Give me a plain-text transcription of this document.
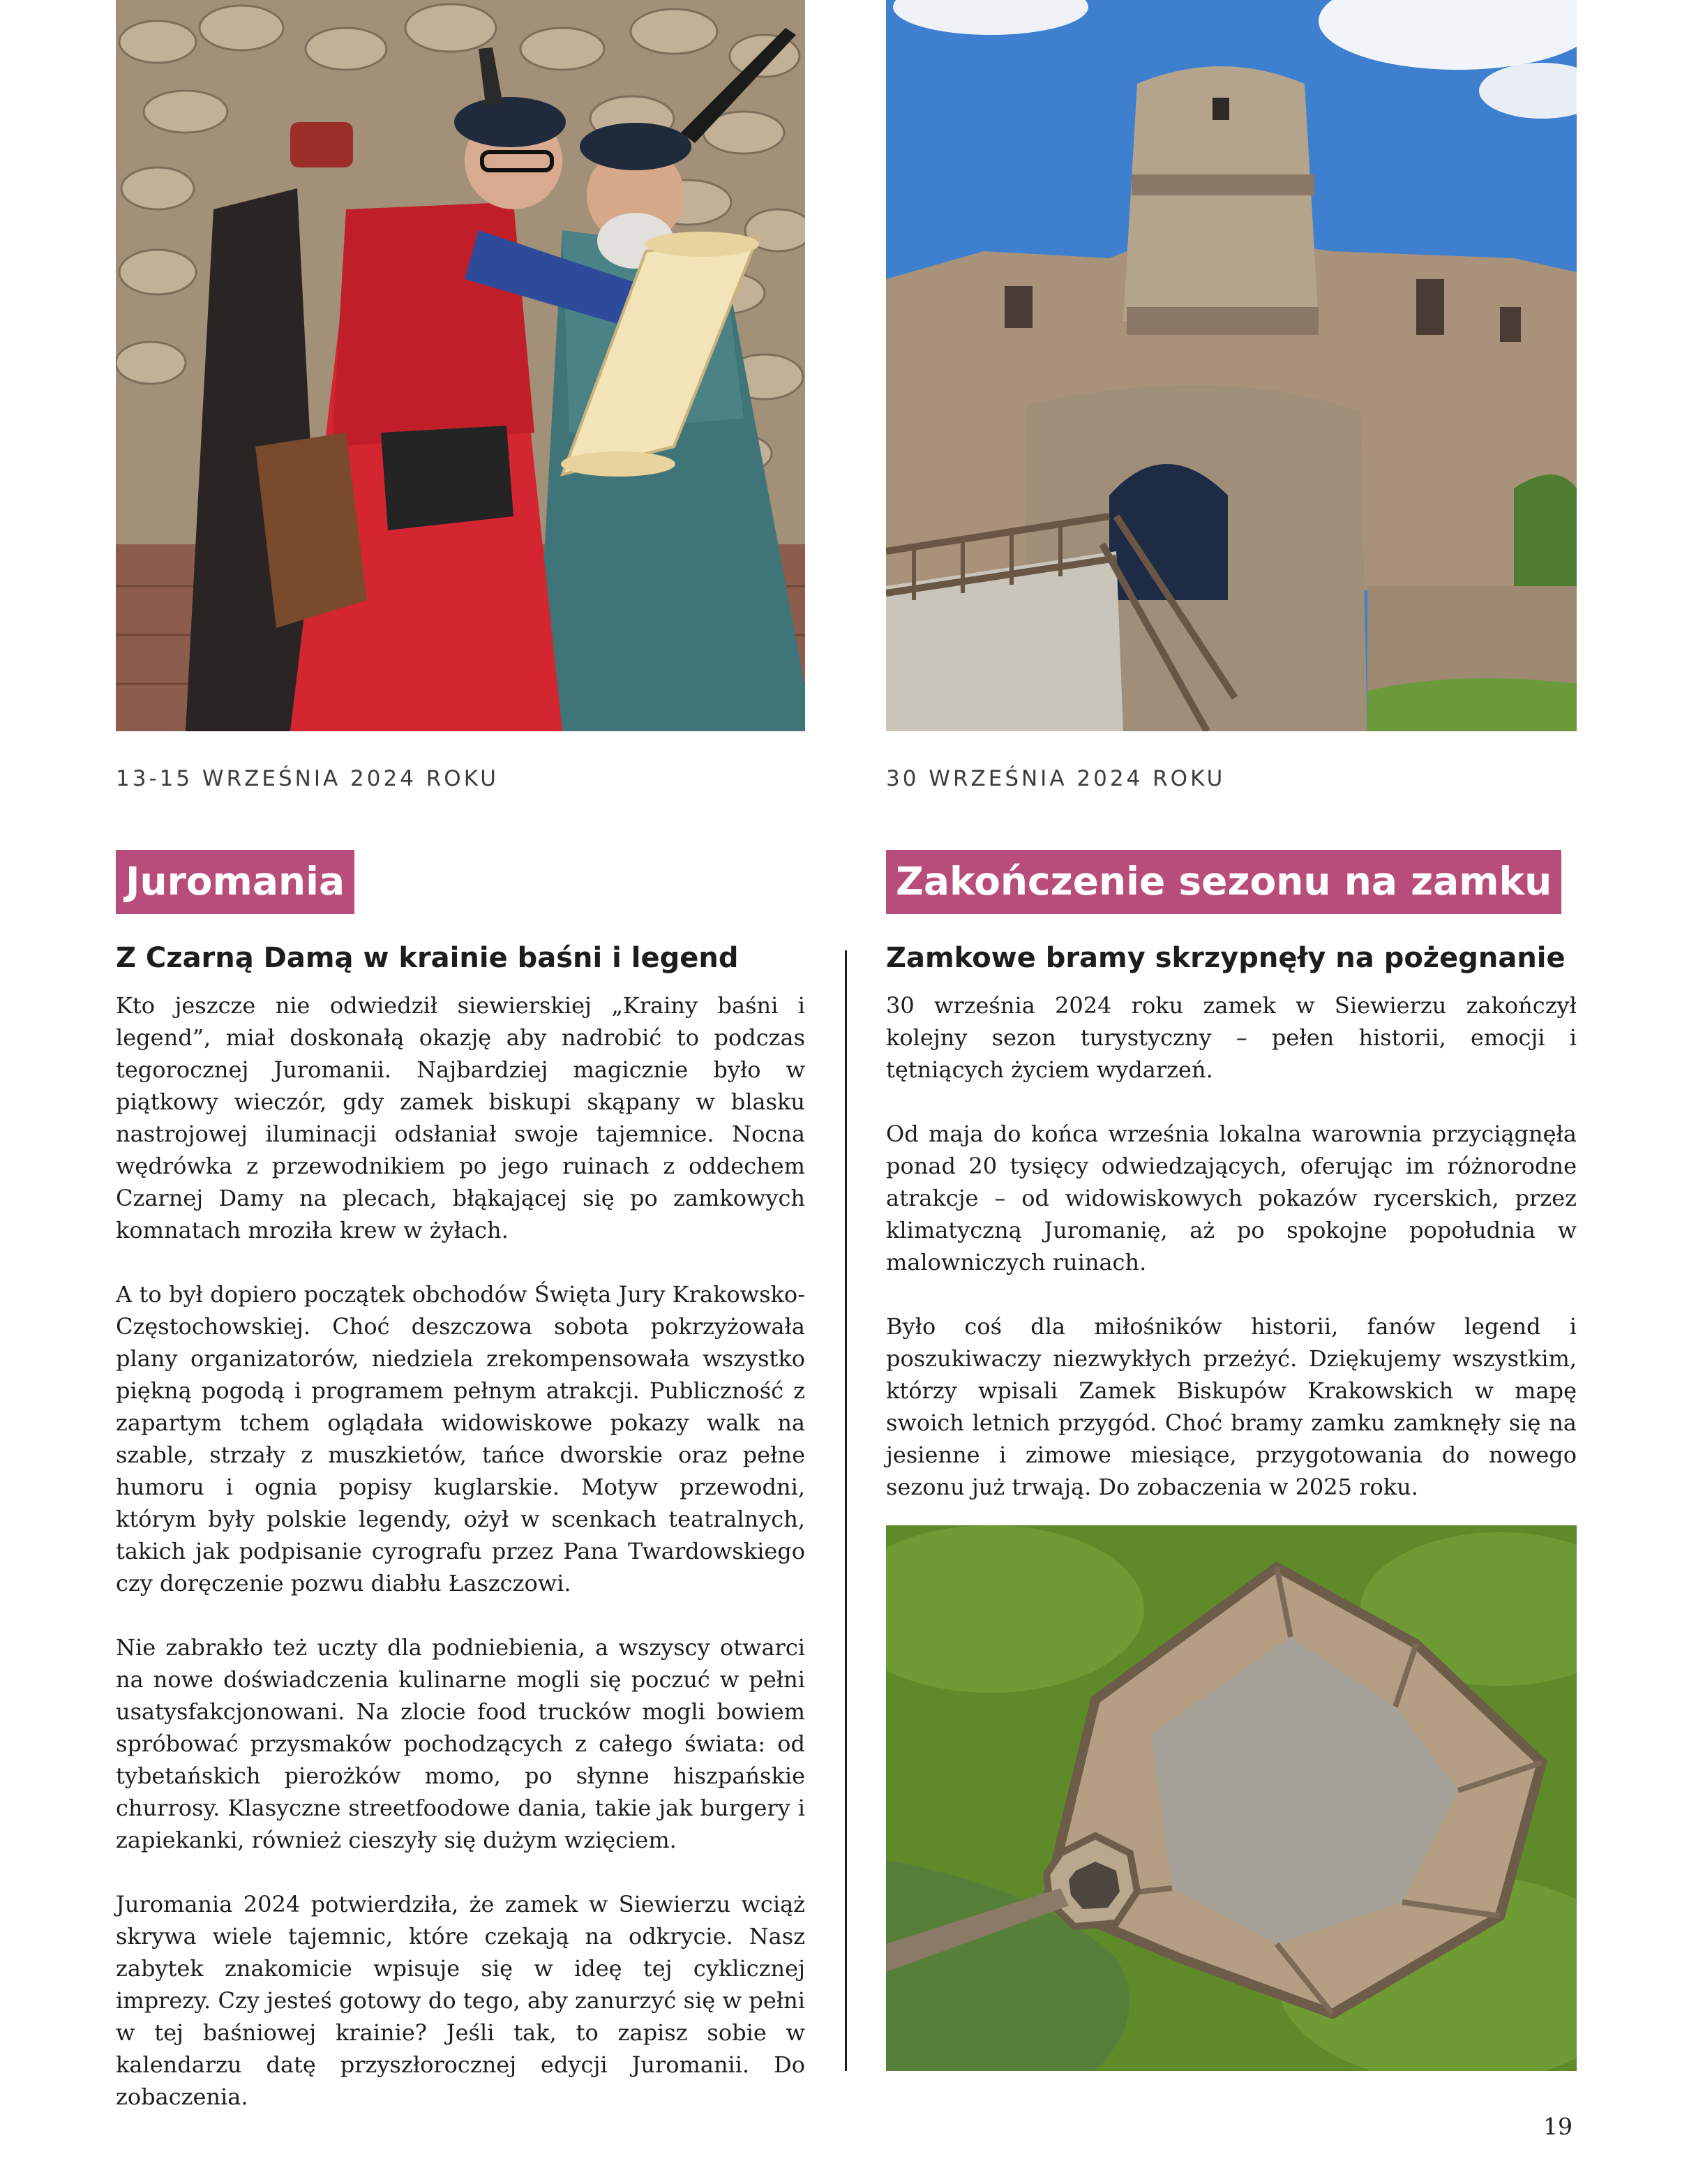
13-15 WRZEŚNIA 2024 ROKU	30 WRZEŚNIA 2024 ROKU
Juromania	Zakończenie sezonu na zamku
Z Czarną Damą w krainie baśni i legend	Zamkowe bramy skrzypnęły na pożegnanie

Kto jeszcze nie odwiedził siewierskiej „Krainy baśni i legend”, miał doskonałą okazję aby nadrobić to podczas tegorocznej Juromanii. Najbardziej magicznie było w piątkowy wieczór, gdy zamek biskupi skąpany w blasku nastrojowej iluminacji odsłaniał swoje tajemnice. Nocna wędrówka z przewodnikiem po jego ruinach z oddechem Czarnej Damy na plecach, błąkającej się po zamkowych komnatach mroziła krew w żyłach.

A to był dopiero początek obchodów Święta Jury Krakowsko-Częstochowskiej. Choć deszczowa sobota pokrzyżowała plany organizatorów, niedziela zrekompensowała wszystko piękną pogodą i programem pełnym atrakcji. Publiczność z zapartym tchem oglądała widowiskowe pokazy walk na szable, strzały z muszkietów, tańce dworskie oraz pełne humoru i ognia popisy kuglarskie. Motyw przewodni, którym były polskie legendy, ożył w scenkach teatralnych, takich jak podpisanie cyrografu przez Pana Twardowskiego czy doręczenie pozwu diabłu Łaszczowi.

Nie zabrakło też uczty dla podniebienia, a wszyscy otwarci na nowe doświadczenia kulinarne mogli się poczuć w pełni usatysfakcjonowani. Na zlocie food trucków mogli bowiem spróbować przysmaków pochodzących z całego świata: od tybetańskich pierożków momo, po słynne hiszpańskie churrosy. Klasyczne streetfoodowe dania, takie jak burgery i zapiekanki, również cieszyły się dużym wzięciem.

Juromania 2024 potwierdziła, że zamek w Siewierzu wciąż skrywa wiele tajemnic, które czekają na odkrycie. Nasz zabytek znakomicie wpisuje się w ideę tej cyklicznej imprezy. Czy jesteś gotowy do tego, aby zanurzyć się w pełni w tej baśniowej krainie? Jeśli tak, to zapisz sobie w kalendarzu datę przyszłorocznej edycji Juromanii. Do zobaczenia.

30 września 2024 roku zamek w Siewierzu zakończył kolejny sezon turystyczny – pełen historii, emocji i tętniących życiem wydarzeń.

Od maja do końca września lokalna warownia przyciągnęła ponad 20 tysięcy odwiedzających, oferując im różnorodne atrakcje – od widowiskowych pokazów rycerskich, przez klimatyczną Juromanię, aż po spokojne popołudnia w malowniczych ruinach.

Było coś dla miłośników historii, fanów legend i poszukiwaczy niezwykłych przeżyć. Dziękujemy wszystkim, którzy wpisali Zamek Biskupów Krakowskich w mapę swoich letnich przygód. Choć bramy zamku zamknęły się na jesienne i zimowe miesiące, przygotowania do nowego sezonu już trwają. Do zobaczenia w 2025 roku.

19
